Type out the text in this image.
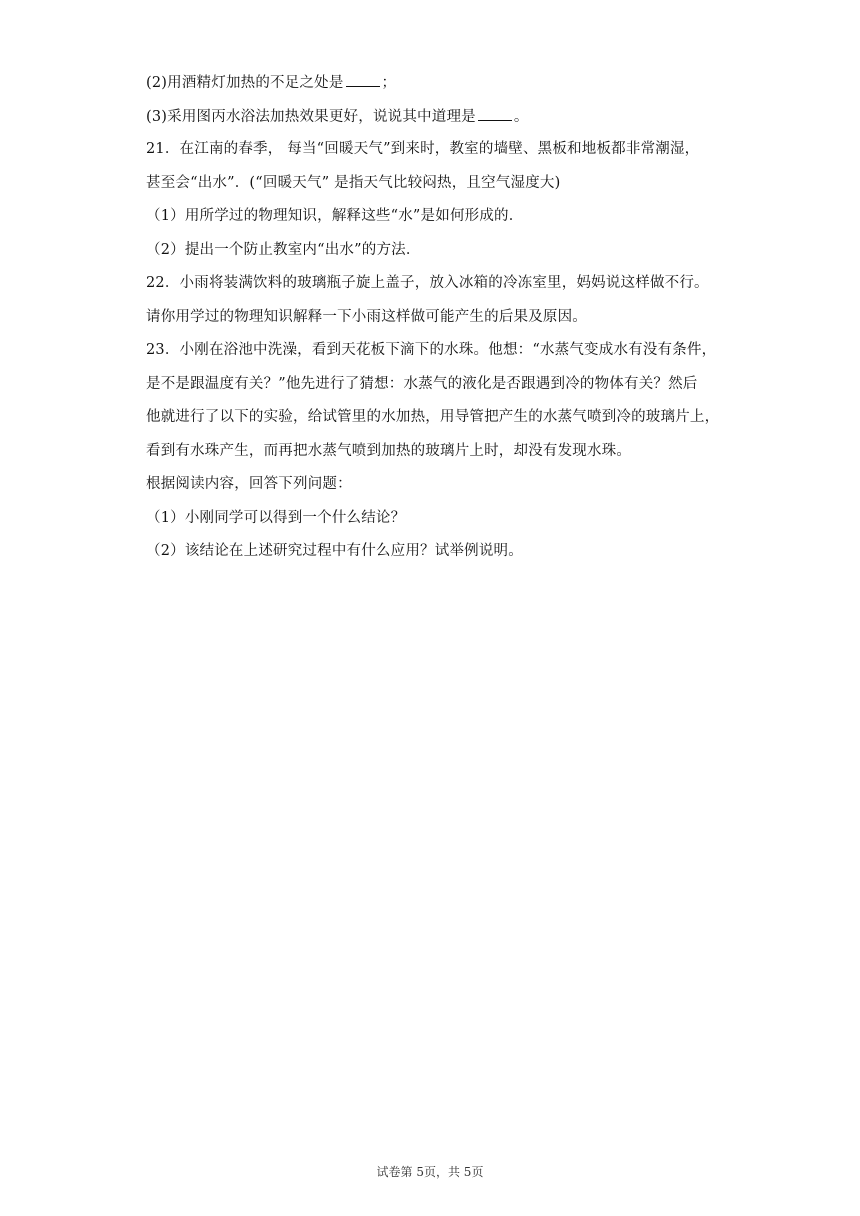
(2)用酒精灯加热的不足之处是	；
(3)采用图丙水浴法加热效果更好，说说其中道理是	。
21．在江南的春季， 每当“回暖天气”到来时，教室的墙壁、黑板和地板都非常潮湿，
甚至会“出水”．(“回暖天气” 是指天气比较闷热，且空气湿度大)
（1）用所学过的物理知识，解释这些“水”是如何形成的．
（2）提出一个防止教室内“出水”的方法．
22．小雨将装满饮料的玻璃瓶子旋上盖子，放入冰箱的冷冻室里，妈妈说这样做不行。
请你用学过的物理知识解释一下小雨这样做可能产生的后果及原因。
23．小刚在浴池中洗澡，看到天花板下滴下的水珠。他想：“水蒸气变成水有没有条件，
是不是跟温度有关？”他先进行了猜想：水蒸气的液化是否跟遇到冷的物体有关？然后
他就进行了以下的实验，给试管里的水加热，用导管把产生的水蒸气喷到冷的玻璃片上，
看到有水珠产生，而再把水蒸气喷到加热的玻璃片上时，却没有发现水珠。
根据阅读内容，回答下列问题：
（1）小刚同学可以得到一个什么结论？
（2）该结论在上述研究过程中有什么应用？试举例说明。
试卷第 5页，共 5页
